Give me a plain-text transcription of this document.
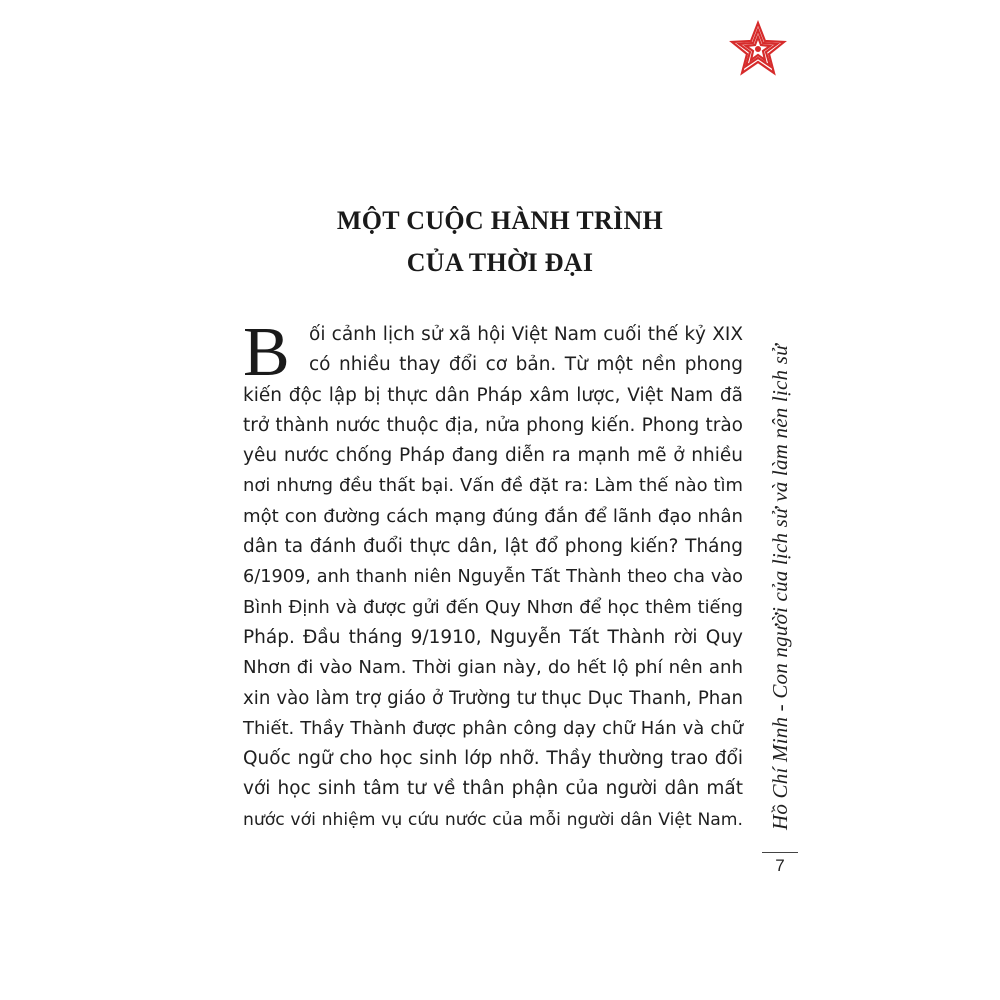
MỘT CUỘC HÀNH TRÌNH
CỦA THỜI ĐẠI
B	ối cảnh lịch sử xã hội Việt Nam cuối thế kỷ XIX
có nhiều thay đổi cơ bản. Từ một nền phong
kiến độc lập bị thực dân Pháp xâm lược, Việt Nam đã
trở thành nước thuộc địa, nửa phong kiến. Phong trào
yêu nước chống Pháp đang diễn ra mạnh mẽ ở nhiều
nơi nhưng đều thất bại. Vấn đề đặt ra: Làm thế nào tìm
một con đường cách mạng đúng đắn để lãnh đạo nhân
dân ta đánh đuổi thực dân, lật đổ phong kiến? Tháng
6/1909, anh thanh niên Nguyễn Tất Thành theo cha vào
Bình Định và được gửi đến Quy Nhơn để học thêm tiếng
Pháp. Đầu tháng 9/1910, Nguyễn Tất Thành rời Quy
Nhơn đi vào Nam. Thời gian này, do hết lộ phí nên anh
xin vào làm trợ giáo ở Trường tư thục Dục Thanh, Phan
Thiết. Thầy Thành được phân công dạy chữ Hán và chữ
Quốc ngữ cho học sinh lớp nhỡ. Thầy thường trao đổi
với học sinh tâm tư về thân phận của người dân mất
nước với nhiệm vụ cứu nước của mỗi người dân Việt Nam. Hồ Chí Minh - Con người của lịch sử và làm nên lịch sử
7
